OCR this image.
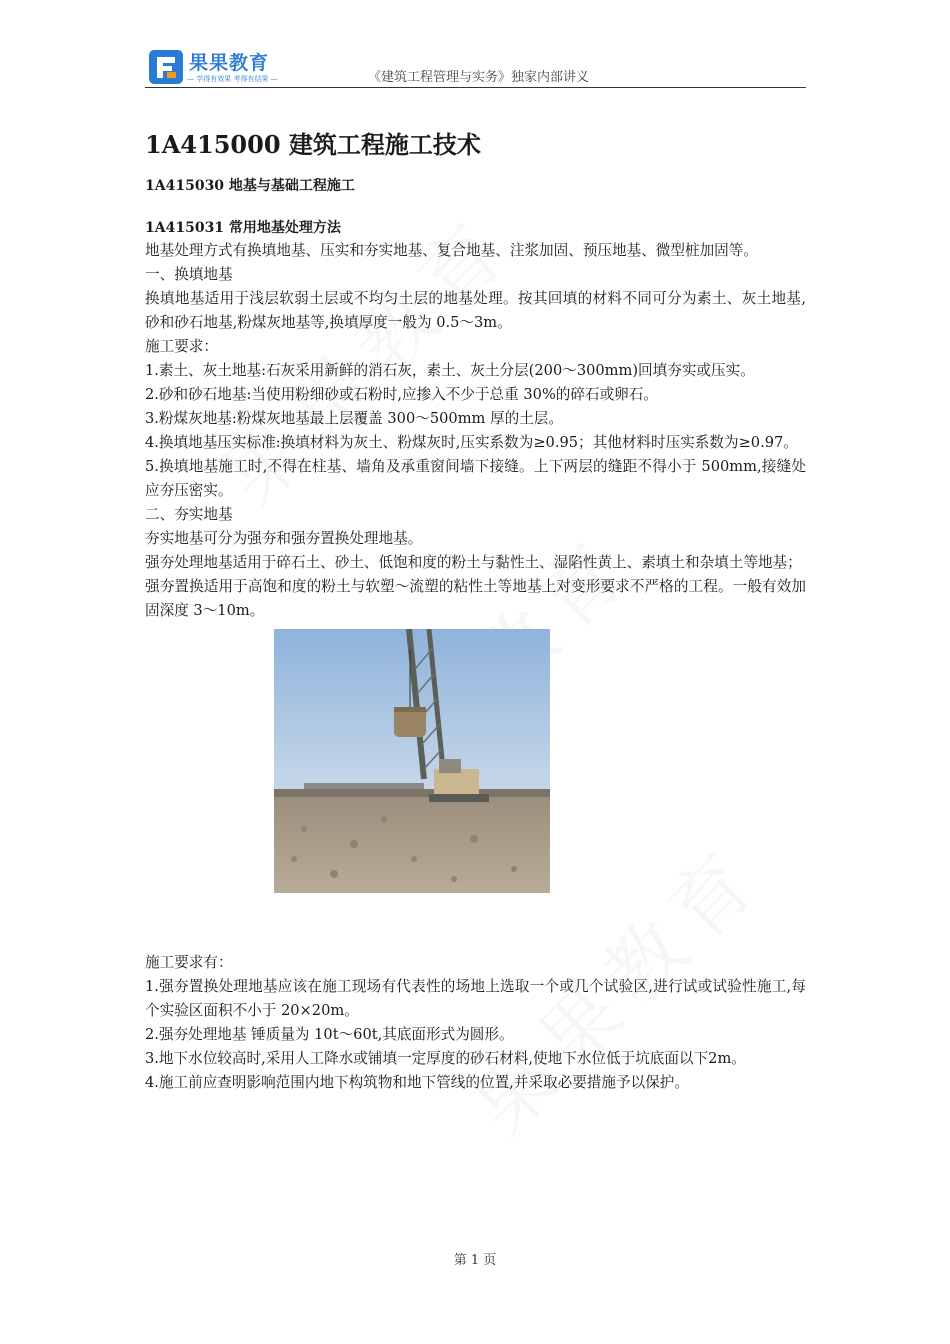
果果教育
— 学得有效果 考得有结果 —	《建筑工程管理与实务》独家内部讲义
1A415000 建筑工程施工技术
1A415030 地基与基础工程施工
1A415031 常用地基处理方法

地基处理方式有换填地基、压实和夯实地基、复合地基、注浆加固、预压地基、微型桩加固等。

一、换填地基

换填地基适用于浅层软弱土层或不均匀土层的地基处理。按其回填的材料不同可分为素土、灰土地基,砂和砂石地基,粉煤灰地基等,换填厚度一般为 0.5～3m。

施工要求：

1.素土、灰土地基:石灰采用新鲜的消石灰，素土、灰土分层(200～300mm)回填夯实或压实。

2.砂和砂石地基:当使用粉细砂或石粉时,应掺入不少于总重 30%的碎石或卵石。

3.粉煤灰地基:粉煤灰地基最上层覆盖 300～500mm 厚的土层。

4.换填地基压实标准:换填材料为灰土、粉煤灰时,压实系数为≥0.95；其他材料时压实系数为≥0.97。

5.换填地基施工时,不得在柱基、墙角及承重窗间墙下接缝。上下两层的缝距不得小于 500mm,接缝处应夯压密实。

二、夯实地基

夯实地基可分为强夯和强夯置换处理地基。

强夯处理地基适用于碎石土、砂土、低饱和度的粉土与黏性土、湿陷性黄上、素填土和杂填土等地基；

强夯置换适用于高饱和度的粉土与软塑～流塑的粘性土等地基上对变形要求不严格的工程。一般有效加固深度 3～10m。

施工要求有：

1.强夯置换处理地基应该在施工现场有代表性的场地上选取一个或几个试验区,进行试或试验性施工,每个实验区面积不小于 20×20m。

2.强夯处理地基 锤质量为 10t～60t,其底面形式为圆形。

3.地下水位较高时,采用人工降水或铺填一定厚度的砂石材料,使地下水位低于坑底面以下2m。

4.施工前应查明影响范围内地下构筑物和地下管线的位置,并采取必要措施予以保护。

第 1 页
